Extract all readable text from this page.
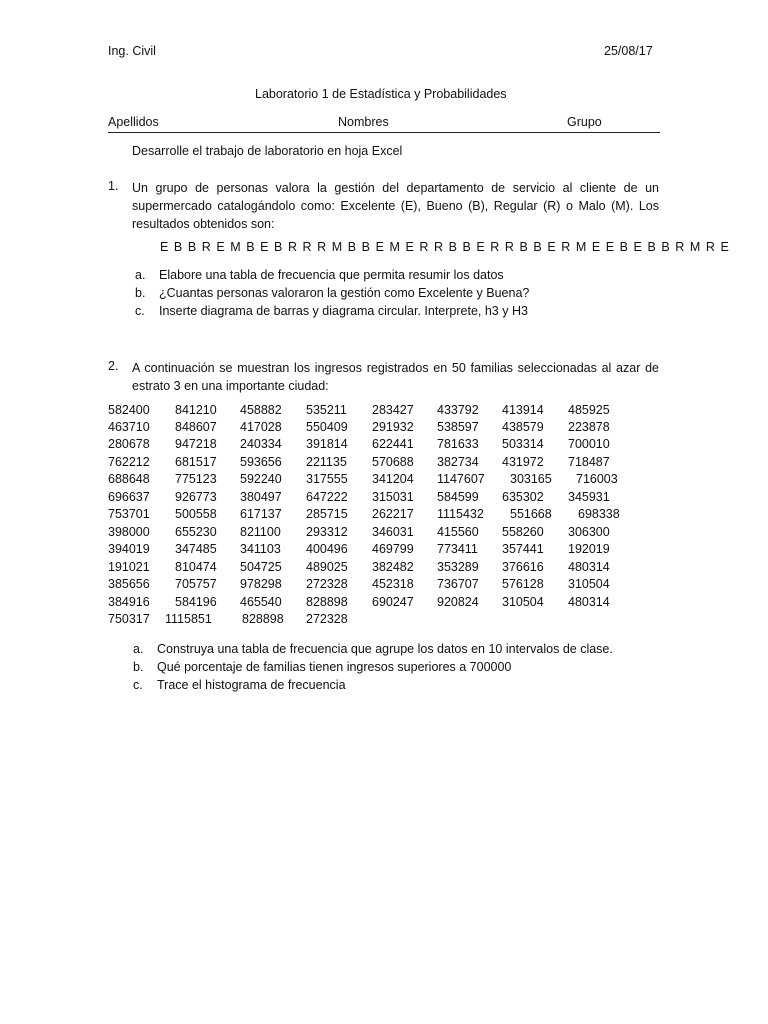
Ing. Civil	25/08/17
Laboratorio 1 de Estadística y Probabilidades
Apellidos	Nombres	Grupo
Desarrolle el trabajo de laboratorio en hoja Excel
1. Un grupo de personas valora la gestión del departamento de servicio al cliente de un supermercado catalogándolo como: Excelente (E), Bueno (B), Regular (R) o Malo (M). Los resultados obtenidos son:
E B B R E M B E B R R R M B B E M E R R B B E R R B B E R M E E B E B B R M R E
a. Elabore una tabla de frecuencia que permita resumir los datos
b. ¿Cuantas personas valoraron la gestión como Excelente y Buena?
c. Inserte diagrama de barras y diagrama circular. Interprete, h3 y H3
2. A continuación se muestran los ingresos registrados en 50 familias seleccionadas al azar de estrato 3 en una importante ciudad:
582400 841210 458882 535211 283427 433792 413914 485925
463710 848607 417028 550409 291932 538597 438579 223878
280678 947218 240334 391814 622441 781633 503314 700010
762212 681517 593656 221135 570688 382734 431972 718487
688648 775123 592240 317555 341204 1147607 303165 716003
696637 926773 380497 647222 315031 584599 635302 345931
753701 500558 617137 285715 262217 1115432 551668 698338
398000 655230 821100 293312 346031 415560 558260 306300
394019 347485 341103 400496 469799 773411 357441 192019
191021 810474 504725 489025 382482 353289 376616 480314
385656 705757 978298 272328 452318 736707 576128 310504
384916 584196 465540 828898 690247 920824 310504 480314
750317 1115851 828898 272328
a. Construya una tabla de frecuencia que agrupe los datos en 10 intervalos de clase.
b. Qué porcentaje de familias tienen ingresos superiores a 700000
c. Trace el histograma de frecuencia
